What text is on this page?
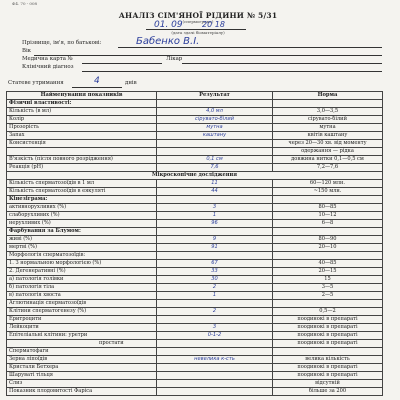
Ф4. 70 - 008
АНАЛІЗ СІМ'ЯНОЇ РІДИНИ № 5/31
(спермограма)
01. 09 20 18
(дата здачі біоматеріалу)
Прізвище, ім'я, по батькові:	Бабенко В.І.
Вік
Медична карта №	Лікар
Клінічний діагноз
Статеве утримання	4	днів
Найменування показників	Результат	Норма
Фізичні властивості:		
Кількість (в мл)	4,0 мл	3,0—3,5
Колір	сірувато-білий	сірувато-білий
Прозорість	мутна	мутна
Запах	каштану	квітів каштану
Консистенція		через 20—30 хв. від моменту
		одержання — рідка
В'язкість (після повного розрідження)	0,1 см	довжина нитки 0,1—0,5 см
Реакція (pH)	7,6	7,2—7,6
Мікроскопічне дослідження		
Кількість сперматозоїдів в 1 мл	11	60—120 млн.
Кількість сперматозоїдів в еякуляті	44	~150 млн.
Кінезіграма:		
активнорухливих (%)	3	80—85
слаборухливих (%)	1	10—12
нерухливих (%)	96	6—8
Фарбування за Блумом:		
живі (%)	9	80—90
мертві (%)	91	20—10
Морфологія сперматозоїдів:		
1. З нормальною морфологією (%)	67	40—85
2. Дегенеративні (%)	33	20—15
а) патологія голівки	30	15
б) патологія тіла	2	3—5
в) патологія хвоста	1	2—5
Аглютинація сперматозоїдів		
Клітини сперматогенезу (%)	2	0,5—2
Еритроцити		поодинокі в препараті
Лейкоцити	3	поодинокі в препараті
Епітеліальні клітини: уретри	0-1-2	поодинокі в препараті
простати		поодинокі в препараті
Сперматофаги		
Зерна ліпоїдів	невелика к-сть	велика кількість
Кристали Бетхера		поодинокі в препараті
Шаруваті тільця		поодинокі в препараті
Слиз		відсутній
Показник плодовитості Фаріса		більше за 200
